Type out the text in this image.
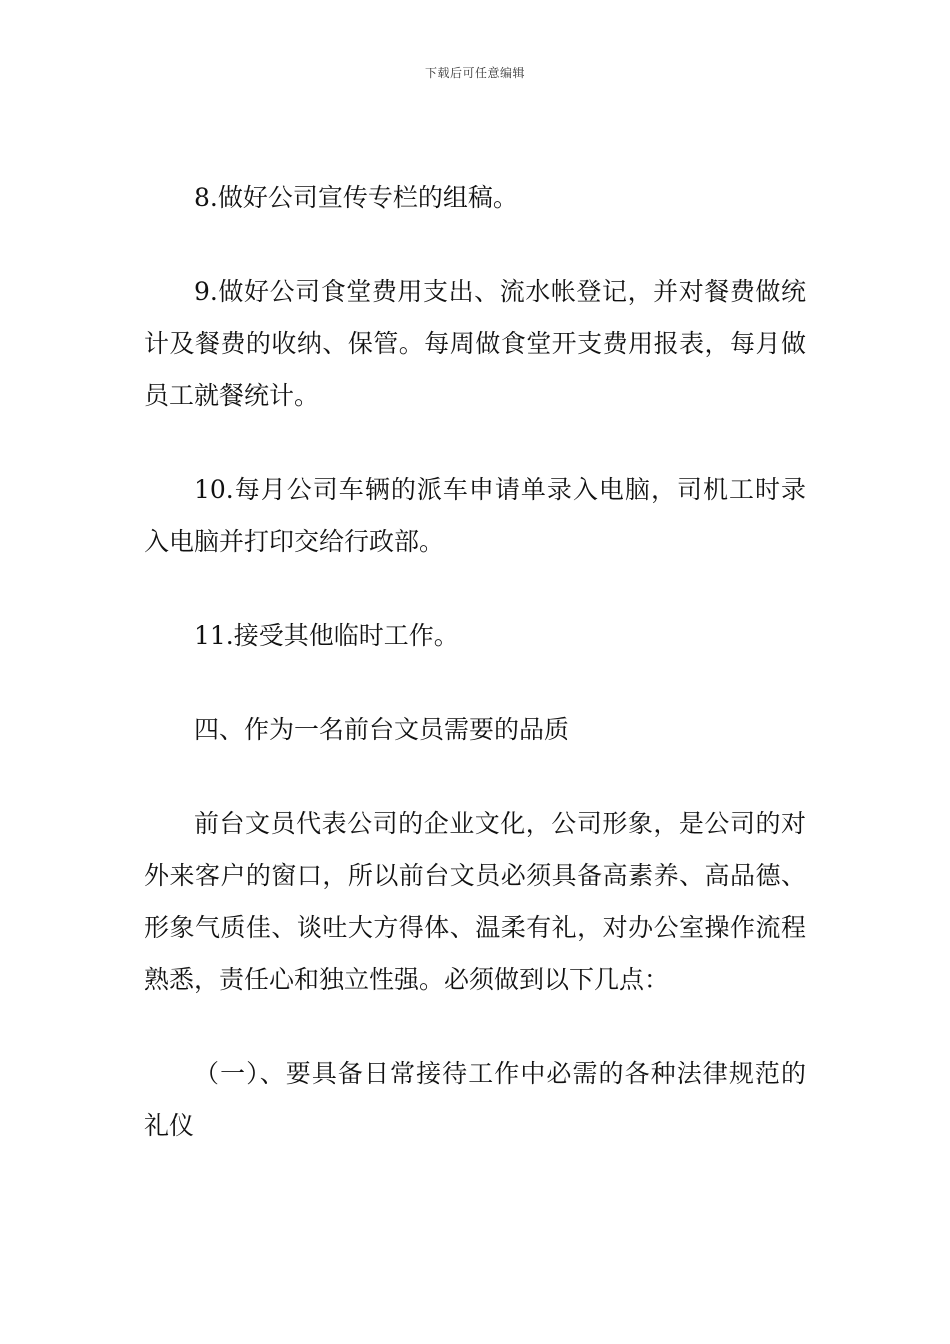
下载后可任意编辑

8.做好公司宣传专栏的组稿。

9.做好公司食堂费用支出、流水帐登记，并对餐费做统计及餐费的收纳、保管。每周做食堂开支费用报表，每月做员工就餐统计。

10.每月公司车辆的派车申请单录入电脑，司机工时录入电脑并打印交给行政部。

11.接受其他临时工作。

四、作为一名前台文员需要的品质

前台文员代表公司的企业文化，公司形象，是公司的对外来客户的窗口，所以前台文员必须具备高素养、高品德、形象气质佳、谈吐大方得体、温柔有礼，对办公室操作流程熟悉，责任心和独立性强。必须做到以下几点：

（一）、要具备日常接待工作中必需的各种法律规范的礼仪
